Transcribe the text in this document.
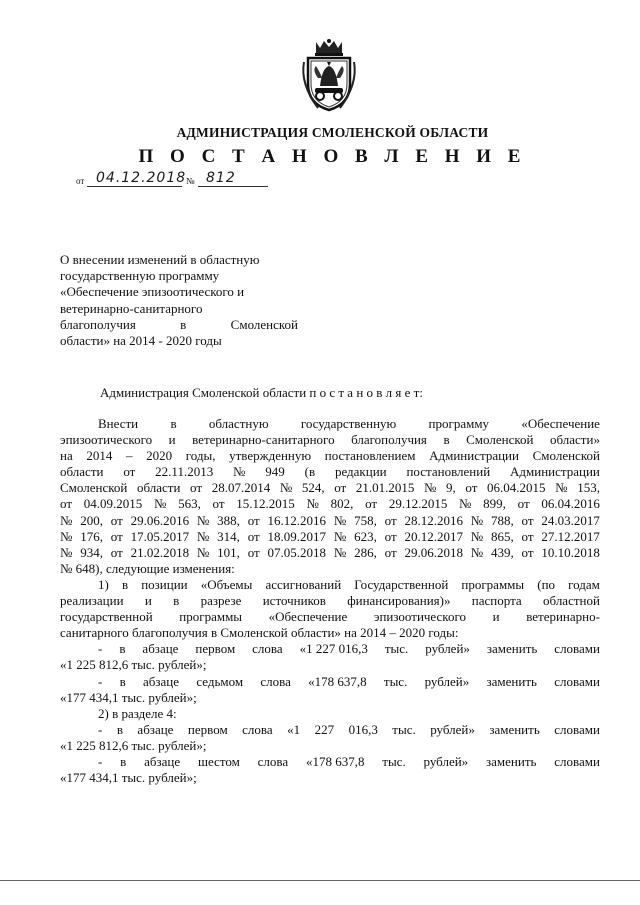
АДМИНИСТРАЦИЯ СМОЛЕНСКОЙ ОБЛАСТИ
П О С Т А Н О В Л Е Н И Е
от 04.12.2018 № 812
О внесении изменений в областную
государственную программу
«Обеспечение эпизоотического и
ветеринарно-санитарного
благополучия	в	Смоленской
области» на 2014 - 2020 годы
Администрация Смоленской области п о с т а н о в л я е т:
Внести в областную государственную программу «Обеспечение
эпизоотического и ветеринарно-санитарного благополучия в Смоленской области»
на 2014 – 2020 годы, утвержденную постановлением Администрации Смоленской
области от 22.11.2013 № 949 (в редакции постановлений Администрации
Смоленской области от 28.07.2014 № 524, от 21.01.2015 № 9, от 06.04.2015 № 153,
от 04.09.2015 № 563, от 15.12.2015 № 802, от 29.12.2015 № 899, от 06.04.2016
№ 200, от 29.06.2016 № 388, от 16.12.2016 № 758, от 28.12.2016 № 788, от 24.03.2017
№ 176, от 17.05.2017 № 314, от 18.09.2017 № 623, от 20.12.2017 № 865, от 27.12.2017
№ 934, от 21.02.2018 № 101, от 07.05.2018 № 286, от 29.06.2018 № 439, от 10.10.2018
№ 648), следующие изменения:
1) в позиции «Объемы ассигнований Государственной программы (по годам
реализации и в разрезе источников финансирования)» паспорта областной
государственной программы «Обеспечение эпизоотического и ветеринарно-
санитарного благополучия в Смоленской области» на 2014 – 2020 годы:
- в абзаце первом слова «1 227 016,3 тыс. рублей» заменить словами
«1 225 812,6 тыс. рублей»;
- в абзаце седьмом слова «178 637,8 тыс. рублей» заменить словами
«177 434,1 тыс. рублей»;
2) в разделе 4:
- в абзаце первом слова «1 227 016,3 тыс. рублей» заменить словами
«1 225 812,6 тыс. рублей»;
- в абзаце шестом слова «178 637,8 тыс. рублей» заменить словами
«177 434,1 тыс. рублей»;
